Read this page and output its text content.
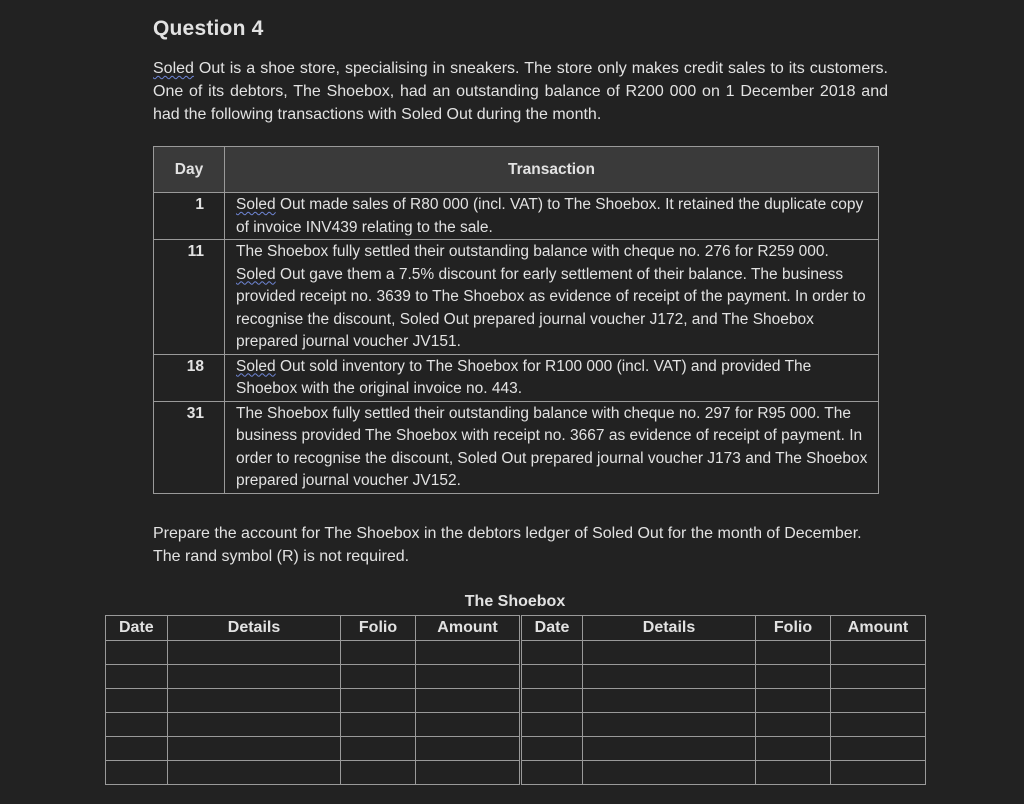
Question 4
Soled Out is a shoe store, specialising in sneakers. The store only makes credit sales to its customers. One of its debtors, The Shoebox, had an outstanding balance of R200 000 on 1 December 2018 and had the following transactions with Soled Out during the month.
Day	Transaction
1	Soled Out made sales of R80 000 (incl. VAT) to The Shoebox. It retained the duplicate copy of invoice INV439 relating to the sale.
11	The Shoebox fully settled their outstanding balance with cheque no. 276 for R259 000. Soled Out gave them a 7.5% discount for early settlement of their balance. The business provided receipt no. 3639 to The Shoebox as evidence of receipt of the payment. In order to recognise the discount, Soled Out prepared journal voucher J172, and The Shoebox prepared journal voucher JV151.
18	Soled Out sold inventory to The Shoebox for R100 000 (incl. VAT) and provided The Shoebox with the original invoice no. 443.
31	The Shoebox fully settled their outstanding balance with cheque no. 297 for R95 000. The business provided The Shoebox with receipt no. 3667 as evidence of receipt of payment. In order to recognise the discount, Soled Out prepared journal voucher J173 and The Shoebox prepared journal voucher JV152.
Prepare the account for The Shoebox in the debtors ledger of Soled Out for the month of December. The rand symbol (R) is not required.
The Shoebox
Date	Details	Folio	Amount	Date	Details	Folio	Amount
